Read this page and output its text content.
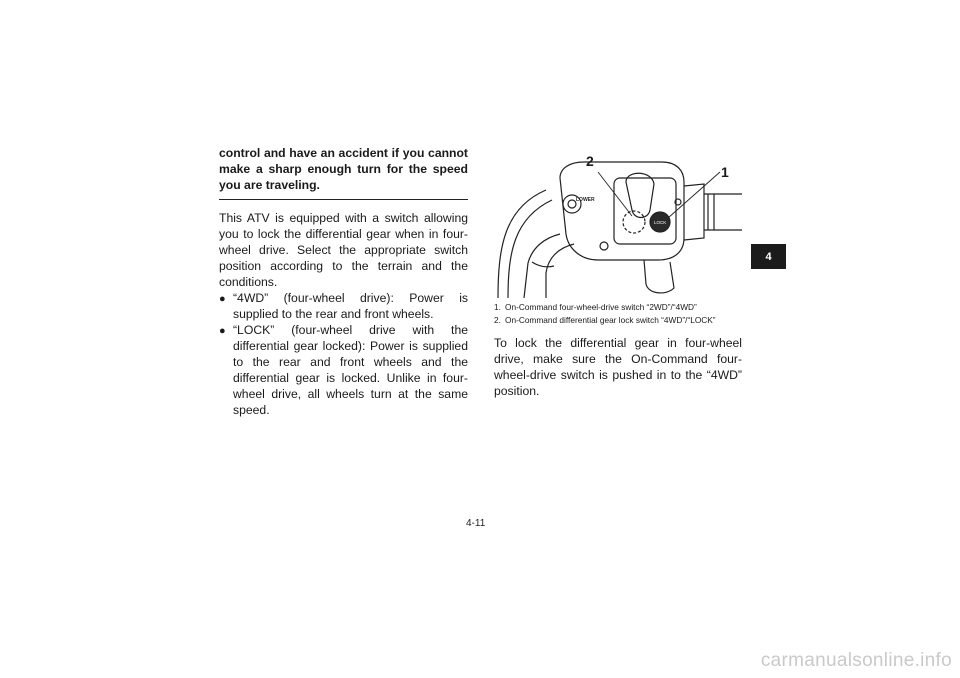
control and have an accident if you cannot make a sharp enough turn for the speed you are traveling.

This ATV is equipped with a switch allowing you to lock the differential gear when in four-wheel drive. Select the appropriate switch position according to the terrain and the conditions.

● “4WD” (four-wheel drive): Power is supplied to the rear and front wheels.
● “LOCK” (four-wheel drive with the differential gear locked): Power is supplied to the rear and front wheels and the differential gear is locked. Unlike in four-wheel drive, all wheels turn at the same speed.
LOWER
LOCK
2
1
1. On-Command four-wheel-drive switch “2WD”/“4WD”
2. On-Command differential gear lock switch “4WD”/“LOCK”

To lock the differential gear in four-wheel drive, make sure the On-Command four-wheel-drive switch is pushed in to the “4WD” position.

4
4-11
carmanualsonline.info
